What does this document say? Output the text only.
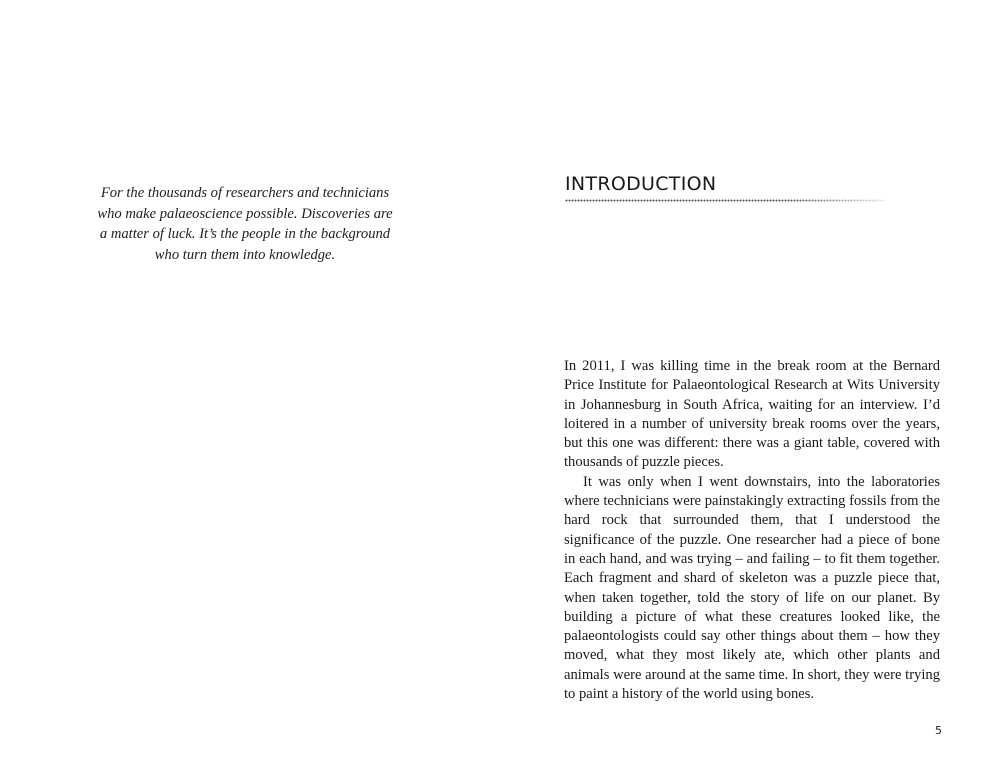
For the thousands of researchers and technicians
who make palaeoscience possible. Discoveries are
a matter of luck. It’s the people in the background
who turn them into knowledge.
INTRODUCTION

In 2011, I was killing time in the break room at the Bernard Price Institute for Palaeontological Research at Wits University in Johannesburg in South Africa, waiting for an interview. I’d loitered in a number of university break rooms over the years, but this one was different: there was a giant table, covered with thousands of puzzle pieces.

It was only when I went downstairs, into the laboratories where technicians were painstakingly extracting fossils from the hard rock that surrounded them, that I understood the significance of the puzzle. One researcher had a piece of bone in each hand, and was trying – and failing – to fit them together. Each fragment and shard of skeleton was a puzzle piece that, when taken together, told the story of life on our planet. By building a picture of what these creatures looked like, the palaeontologists could say other things about them – how they moved, what they most likely ate, which other plants and animals were around at the same time. In short, they were trying to paint a history of the world using bones.

5
